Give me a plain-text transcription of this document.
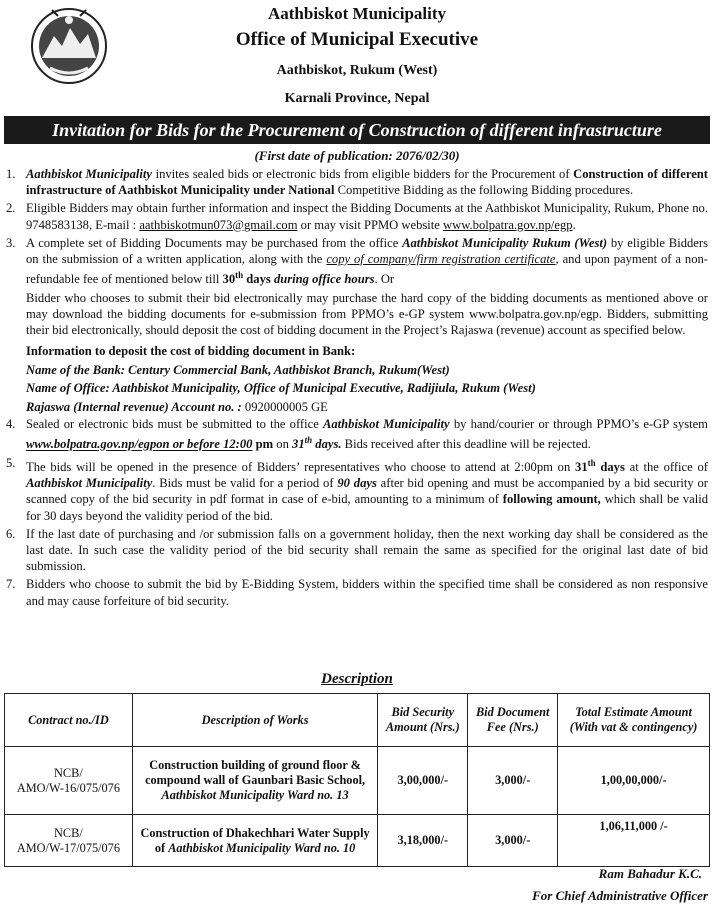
Aathbiskot Municipality
Office of Municipal Executive
Aathbiskot, Rukum (West)
Karnali Province, Nepal
Invitation for Bids for the Procurement of Construction of different infrastructure
(First date of publication: 2076/02/30)
1. Aathbiskot Municipality invites sealed bids or electronic bids from eligible bidders for the Procurement of Construction of different infrastructure of Aathbiskot Municipality under National Competitive Bidding as the following Bidding procedures.
2. Eligible Bidders may obtain further information and inspect the Bidding Documents at the Aathbiskot Municipality, Rukum, Phone no. 9748583138, E-mail : aathbiskotmun073@gmail.com or may visit PPMO website www.bolpatra.gov.np/egp.
3. A complete set of Bidding Documents may be purchased from the office Aathbiskot Municipality Rukum (West) by eligible Bidders on the submission of a written application, along with the copy of company/firm registration certificate, and upon payment of a non-refundable fee of mentioned below till 30th days during office hours. Or
Bidder who chooses to submit their bid electronically may purchase the hard copy of the bidding documents as mentioned above or may download the bidding documents for e-submission from PPMO’s e-GP system www.bolpatra.gov.np/egp. Bidders, submitting their bid electronically, should deposit the cost of bidding document in the Project’s Rajaswa (revenue) account as specified below.
Information to deposit the cost of bidding document in Bank:
Name of the Bank: Century Commercial Bank, Aathbiskot Branch, Rukum(West)
Name of Office: Aathbiskot Municipality, Office of Municipal Executive, Radijiula, Rukum (West)
Rajaswa (Internal revenue) Account no. : 0920000005 GE
4. Sealed or electronic bids must be submitted to the office Aathbiskot Municipality by hand/courier or through PPMO’s e-GP system www.bolpatra.gov.np/egpon or before 12:00 pm on 31th days. Bids received after this deadline will be rejected.
5. The bids will be opened in the presence of Bidders’ representatives who choose to attend at 2:00pm on 31th days at the office of Aathbiskot Municipality. Bids must be valid for a period of 90 days after bid opening and must be accompanied by a bid security or scanned copy of the bid security in pdf format in case of e-bid, amounting to a minimum of following amount, which shall be valid for 30 days beyond the validity period of the bid.
6. If the last date of purchasing and /or submission falls on a government holiday, then the next working day shall be considered as the last date. In such case the validity period of the bid security shall remain the same as specified for the original last date of bid submission.
7. Bidders who choose to submit the bid by E-Bidding System, bidders within the specified time shall be considered as non responsive and may cause forfeiture of bid security.
Description
Contract no./ID	Description of Works	Bid Security Amount (Nrs.)	Bid Document Fee (Nrs.)	Total Estimate Amount (With vat & contingency)
NCB/
AMO/W-16/075/076	Construction building of ground floor & compound wall of Gaunbari Basic School, Aathbiskot Municipality Ward no. 13	3,00,000/-	3,000/-	1,00,00,000/-
NCB/
AMO/W-17/075/076	Construction of Dhakechhari Water Supply of Aathbiskot Municipality Ward no. 10	3,18,000/-	3,000/-	1,06,11,000 /-
Ram Bahadur K.C.
For Chief Administrative Officer
